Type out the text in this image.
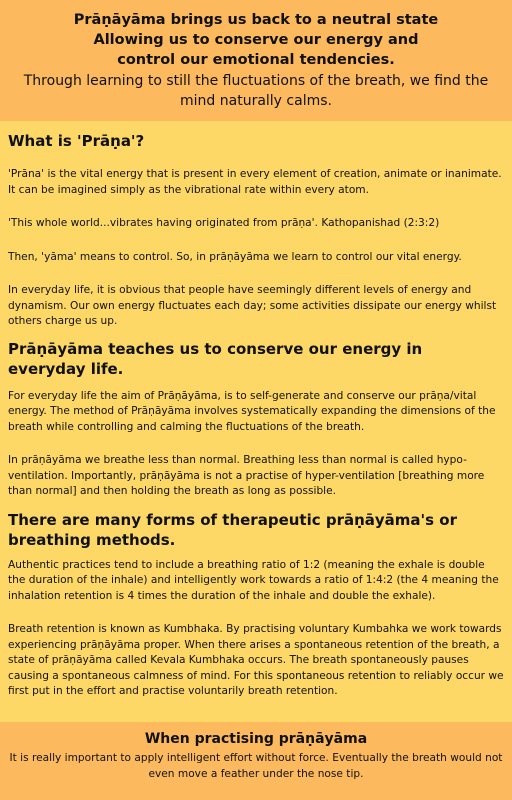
Prāṇāyāma brings us back to a neutral state
Allowing us to conserve our energy and
control our emotional tendencies.
Through learning to still the fluctuations of the breath, we find the mind naturally calms.
What is 'Prāṇa'?

'Prāna' is the vital energy that is present in every element of creation, animate or inanimate. It can be imagined simply as the vibrational rate within every atom.

'This whole world...vibrates having originated from prāṇa'. Kathopanishad (2:3:2)

Then, 'yāma' means to control. So, in prāṇāyāma we learn to control our vital energy.

In everyday life, it is obvious that people have seemingly different levels of energy and dynamism. Our own energy fluctuates each day; some activities dissipate our energy whilst others charge us up.

Prāṇāyāma teaches us to conserve our energy in everyday life.

For everyday life the aim of Prāṇāyāma, is to self-generate and conserve our prāṇa/vital energy. The method of Prāṇāyāma involves systematically expanding the dimensions of the breath while controlling and calming the fluctuations of the breath.

In prāṇāyāma we breathe less than normal. Breathing less than normal is called hypo-ventilation. Importantly, prāṇāyāma is not a practise of hyper-ventilation [breathing more than normal] and then holding the breath as long as possible.

There are many forms of therapeutic prāṇāyāma's or breathing methods.

Authentic practices tend to include a breathing ratio of 1:2 (meaning the exhale is double the duration of the inhale) and intelligently work towards a ratio of 1:4:2 (the 4 meaning the inhalation retention is 4 times the duration of the inhale and double the exhale).

Breath retention is known as Kumbhaka. By practising voluntary Kumbahka we work towards experiencing prāṇāyāma proper. When there arises a spontaneous retention of the breath, a state of prāṇāyāma called Kevala Kumbhaka occurs. The breath spontaneously pauses causing a spontaneous calmness of mind. For this spontaneous retention to reliably occur we first put in the effort and practise voluntarily breath retention.

When practising prāṇāyāma
It is really important to apply intelligent effort without force. Eventually the breath would not even move a feather under the nose tip.
